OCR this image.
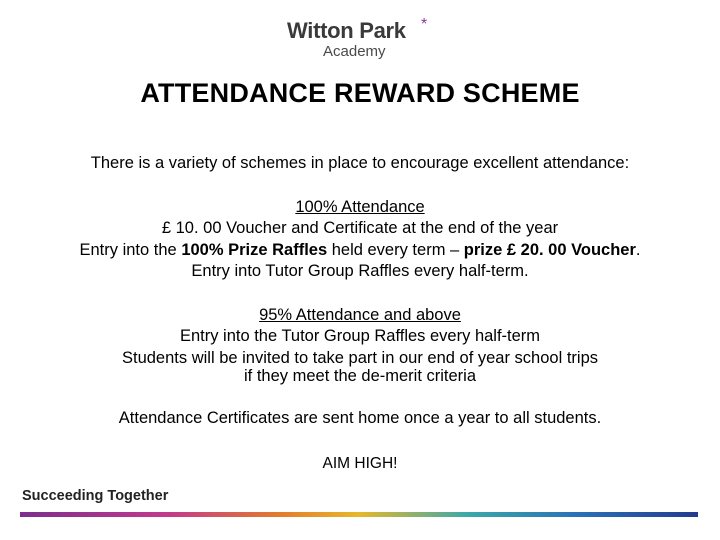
Witton Park *
Academy
ATTENDANCE REWARD SCHEME
There is a variety of schemes in place to encourage excellent attendance:
100% Attendance
£ 10. 00 Voucher and Certificate at the end of the year
Entry into the 100% Prize Raffles held every term – prize £ 20. 00 Voucher.
Entry into Tutor Group Raffles every half-term.
95% Attendance and above
Entry into the Tutor Group Raffles every half-term
Students will be invited to take part in our end of year school trips
if they meet the de-merit criteria
Attendance Certificates are sent home once a year to all students.
AIM HIGH!
Succeeding Together
